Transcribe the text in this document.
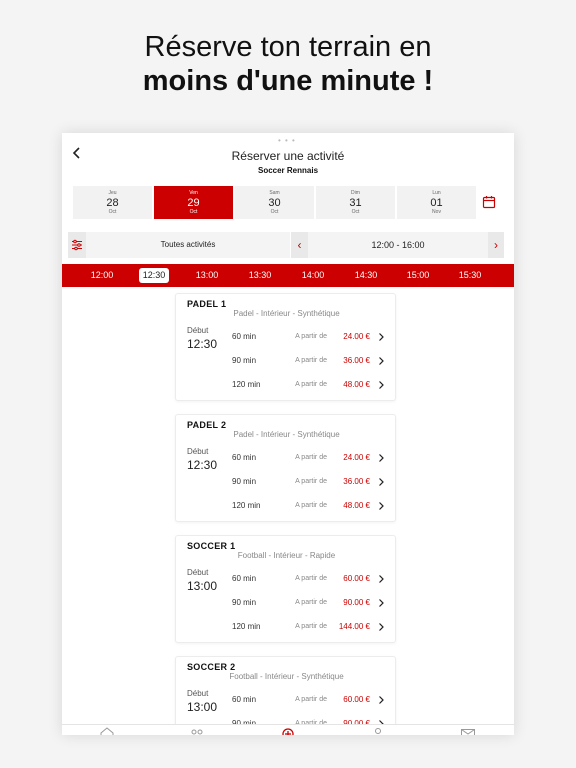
Réserve ton terrain en
moins d'une minute !
• • •
Réserver une activité
Soccer Rennais
Jeu
28
Oct
Ven
29
Oct
Sam
30
Oct
Dim
31
Oct
Lun
01
Nov
Toutes activités	‹	12:00 - 16:00	›
12:00	12:30	13:00	13:30	14:00	14:30	15:00	15:30
PADEL 1
Padel - Intérieur - Synthétique
Début
12:30
60 min	A partir de 24.00 €
90 min	A partir de 36.00 €
120 min	A partir de 48.00 €
PADEL 2
Padel - Intérieur - Synthétique
Début
12:30
60 min	A partir de 24.00 €
90 min	A partir de 36.00 €
120 min	A partir de 48.00 €
SOCCER 1
Football - Intérieur - Rapide
Début
13:00
60 min	A partir de 60.00 €
90 min	A partir de 90.00 €
120 min	A partir de 144.00 €
SOCCER 2
Football - Intérieur - Synthétique
Début
13:00
60 min	A partir de 60.00 €
